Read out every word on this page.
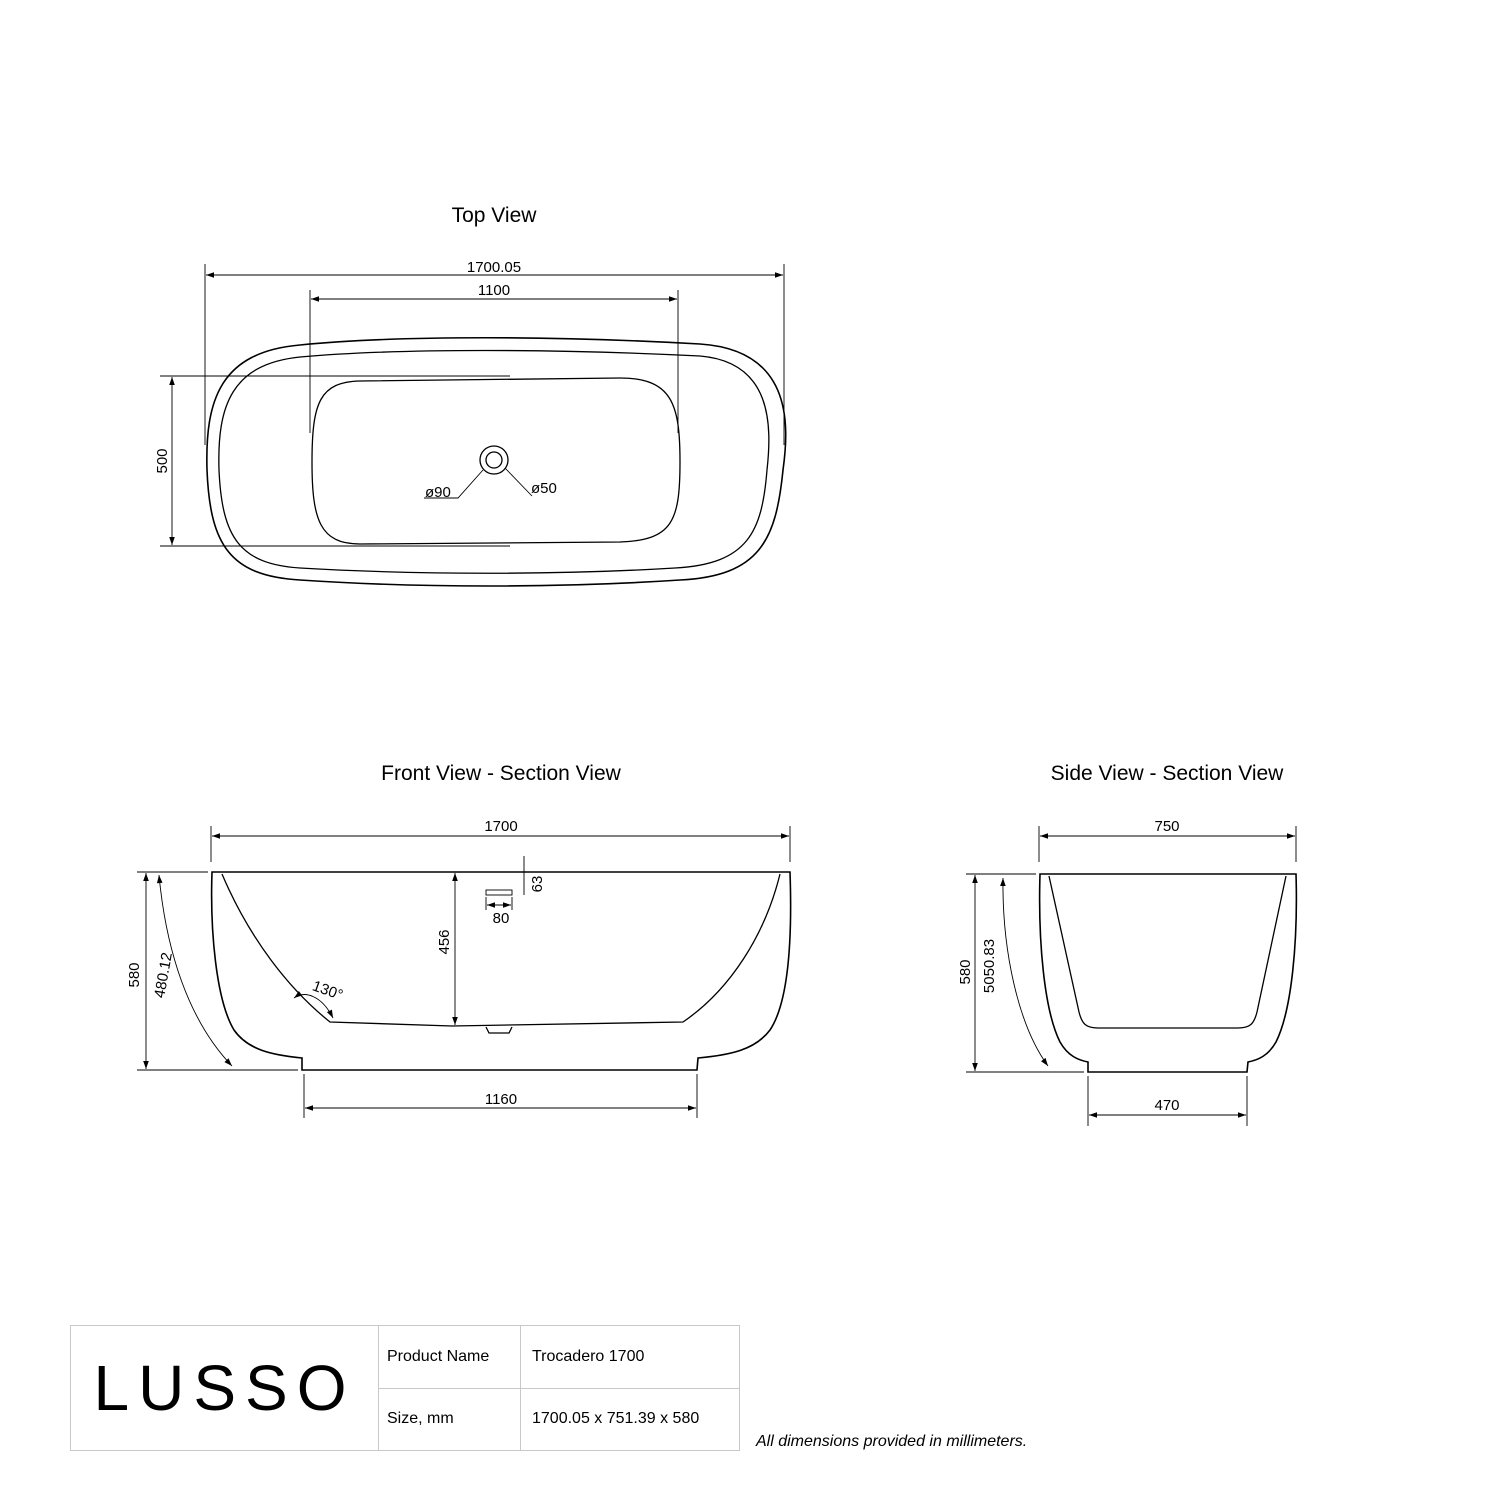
Top View
ø90	ø50
1700.05
1100
500
Front View - Section View
1700
580 480.12
456
63
80
130°
1160
Side View - Section View
750
580 5050.83
470
LUSSO	Product Name	Trocadero 1700
Size, mm	1700.05 x 751.39 x 580
All dimensions provided in millimeters.
